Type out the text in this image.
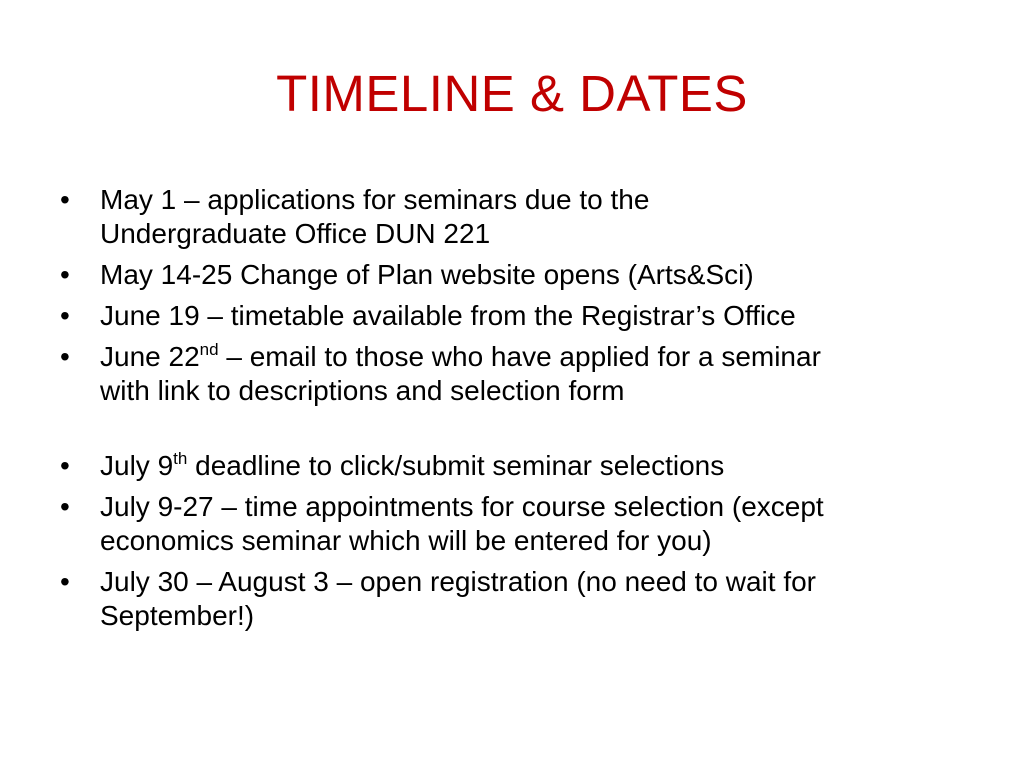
TIMELINE & DATES
•	May 1 – applications for seminars due to the
Undergraduate Office DUN 221
•	May 14-25 Change of Plan website opens (Arts&Sci)
•	June 19 – timetable available from the Registrar’s Office
•	June 22nd – email to those who have applied for a seminar
with link to descriptions and selection form
•	July 9th deadline to click/submit seminar selections
•	July 9-27 – time appointments for course selection (except
economics seminar which will be entered for you)
•	July 30 – August 3 – open registration (no need to wait for
September!)
